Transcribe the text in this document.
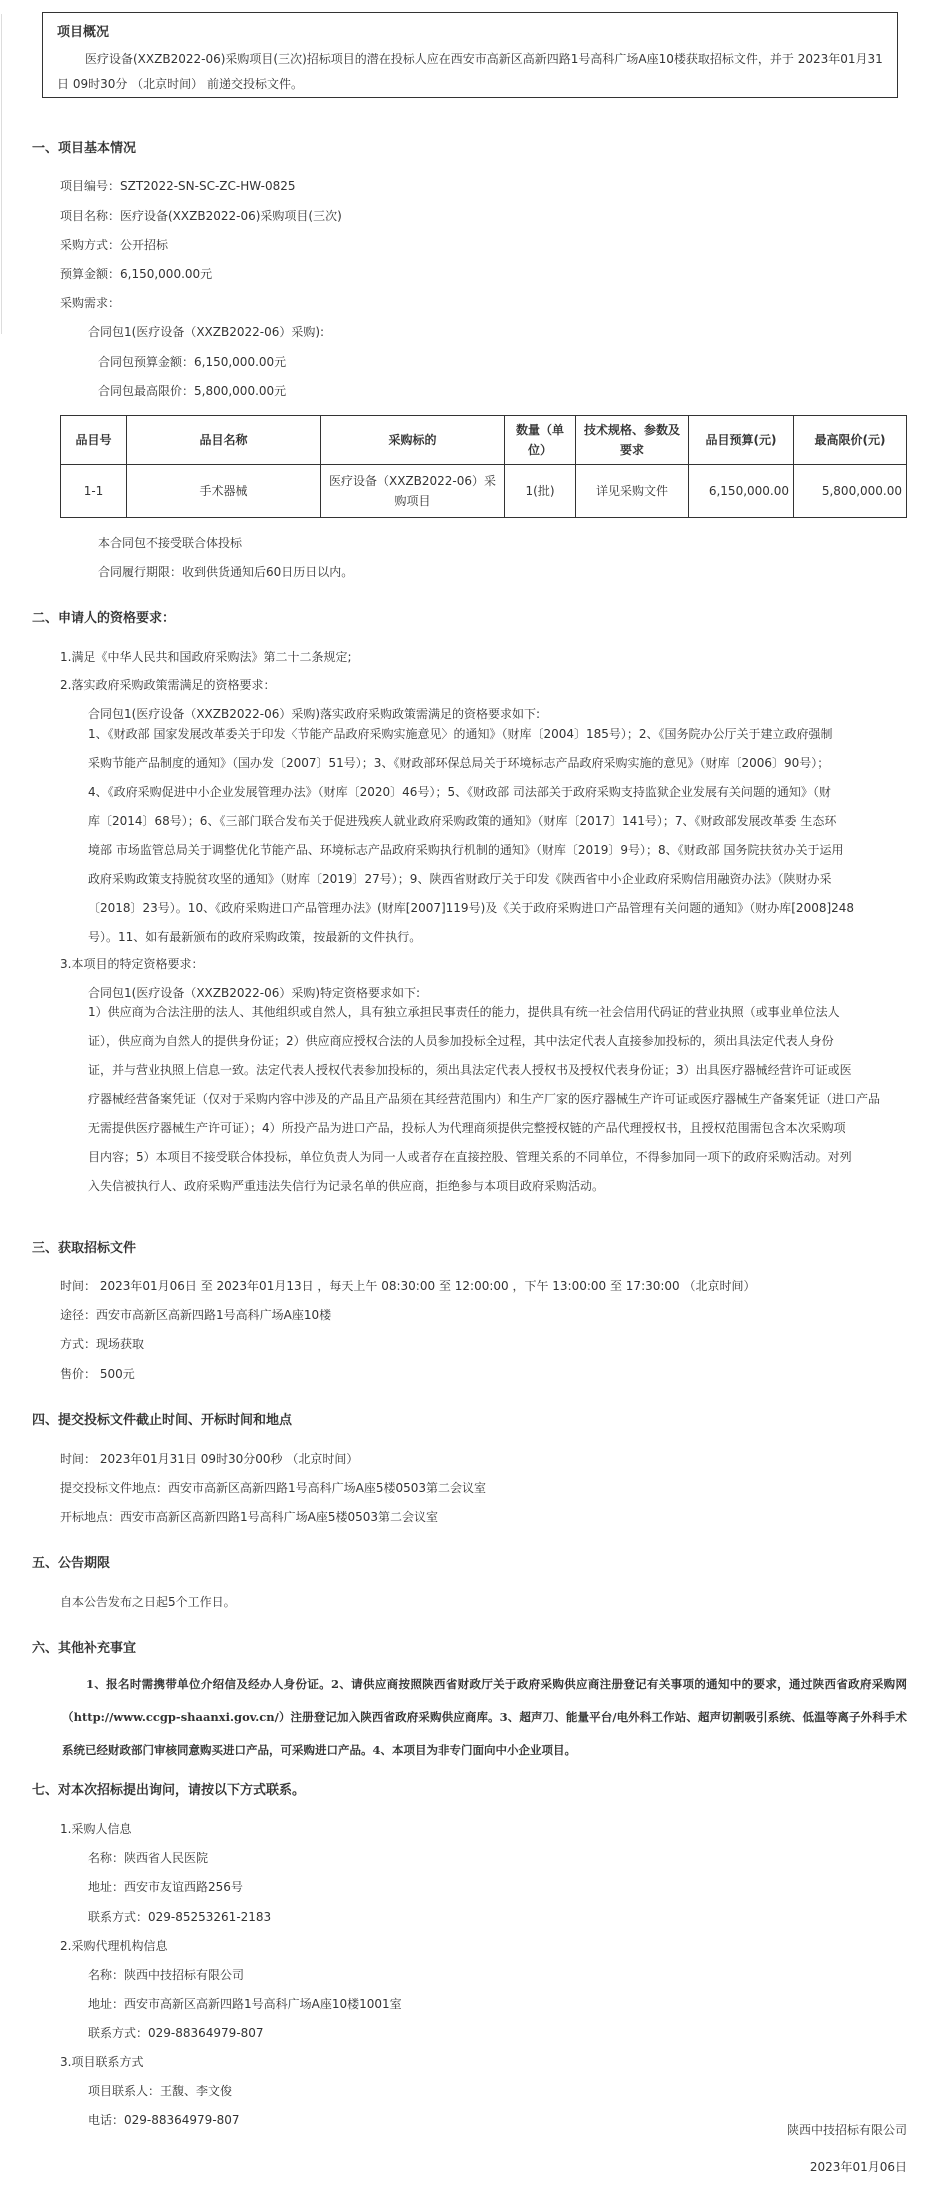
项目概况
医疗设备(XXZB2022-06)采购项目(三次)招标项目的潜在投标人应在西安市高新区高新四路1号高科广场A座10楼获取招标文件，并于 2023年01月31日 09时30分 （北京时间） 前递交投标文件。
一、项目基本情况
项目编号：SZT2022-SN-SC-ZC-HW-0825
项目名称：医疗设备(XXZB2022-06)采购项目(三次)
采购方式：公开招标
预算金额：6,150,000.00元
采购需求：
合同包1(医疗设备（XXZB2022-06）采购):
合同包预算金额：6,150,000.00元
合同包最高限价：5,800,000.00元
品目号	品目名称	采购标的	数量（单位）	技术规格、参数及要求	品目预算(元)	最高限价(元)
1-1	手术器械	医疗设备（XXZB2022-06）采购项目	1(批)	详见采购文件	6,150,000.00	5,800,000.00
本合同包不接受联合体投标
合同履行期限：收到供货通知后60日历日以内。
二、申请人的资格要求：
1.满足《中华人民共和国政府采购法》第二十二条规定;
2.落实政府采购政策需满足的资格要求：
合同包1(医疗设备（XXZB2022-06）采购)落实政府采购政策需满足的资格要求如下:
1、《财政部 国家发展改革委关于印发〈节能产品政府采购实施意见〉的通知》（财库〔2004〕185号）；2、《国务院办公厅关于建立政府强制
采购节能产品制度的通知》（国办发〔2007〕51号）；3、《财政部环保总局关于环境标志产品政府采购实施的意见》（财库〔2006〕90号）；
4、《政府采购促进中小企业发展管理办法》（财库〔2020〕46号）；5、《财政部 司法部关于政府采购支持监狱企业发展有关问题的通知》（财
库〔2014〕68号）；6、《三部门联合发布关于促进残疾人就业政府采购政策的通知》（财库〔2017〕141号）；7、《财政部发展改革委 生态环
境部 市场监管总局关于调整优化节能产品、环境标志产品政府采购执行机制的通知》（财库〔2019〕9号）；8、《财政部 国务院扶贫办关于运用
政府采购政策支持脱贫攻坚的通知》（财库〔2019〕27号）；9、陕西省财政厅关于印发《陕西省中小企业政府采购信用融资办法》（陕财办采
〔2018〕23号）。10、《政府采购进口产品管理办法》(财库[2007]119号)及《关于政府采购进口产品管理有关问题的通知》（财办库[2008]248
号）。11、如有最新颁布的政府采购政策，按最新的文件执行。
3.本项目的特定资格要求：
合同包1(医疗设备（XXZB2022-06）采购)特定资格要求如下:
1）供应商为合法注册的法人、其他组织或自然人，具有独立承担民事责任的能力，提供具有统一社会信用代码证的营业执照（或事业单位法人
证），供应商为自然人的提供身份证；2）供应商应授权合法的人员参加投标全过程，其中法定代表人直接参加投标的，须出具法定代表人身份
证，并与营业执照上信息一致。法定代表人授权代表参加投标的，须出具法定代表人授权书及授权代表身份证；3）出具医疗器械经营许可证或医
疗器械经营备案凭证（仅对于采购内容中涉及的产品且产品须在其经营范围内）和生产厂家的医疗器械生产许可证或医疗器械生产备案凭证（进口产品
无需提供医疗器械生产许可证）；4）所投产品为进口产品，投标人为代理商须提供完整授权链的产品代理授权书，且授权范围需包含本次采购项
目内容；5）本项目不接受联合体投标，单位负责人为同一人或者存在直接控股、管理关系的不同单位，不得参加同一项下的政府采购活动。对列
入失信被执行人、政府采购严重违法失信行为记录名单的供应商，拒绝参与本项目政府采购活动。
三、获取招标文件
时间： 2023年01月06日 至 2023年01月13日 ，每天上午 08:30:00 至 12:00:00 ，下午 13:00:00 至 17:30:00 （北京时间）
途径：西安市高新区高新四路1号高科广场A座10楼
方式：现场获取
售价： 500元
四、提交投标文件截止时间、开标时间和地点
时间： 2023年01月31日 09时30分00秒 （北京时间）
提交投标文件地点：西安市高新区高新四路1号高科广场A座5楼0503第二会议室
开标地点：西安市高新区高新四路1号高科广场A座5楼0503第二会议室
五、公告期限
自本公告发布之日起5个工作日。
六、其他补充事宜
1、报名时需携带单位介绍信及经办人身份证。2、请供应商按照陕西省财政厅关于政府采购供应商注册登记有关事项的通知中的要求，通过陕西省政府采购网（http://www.ccgp-shaanxi.gov.cn/）注册登记加入陕西省政府采购供应商库。3、超声刀、能量平台/电外科工作站、超声切割吸引系统、低温等离子外科手术系统已经财政部门审核同意购买进口产品，可采购进口产品。4、本项目为非专门面向中小企业项目。
七、对本次招标提出询问，请按以下方式联系。
1.采购人信息
名称：陕西省人民医院
地址：西安市友谊西路256号
联系方式：029-85253261-2183
2.采购代理机构信息
名称：陕西中技招标有限公司
地址：西安市高新区高新四路1号高科广场A座10楼1001室
联系方式：029-88364979-807
3.项目联系方式
项目联系人：王馥、李文俊
电话：029-88364979-807
陕西中技招标有限公司
2023年01月06日
